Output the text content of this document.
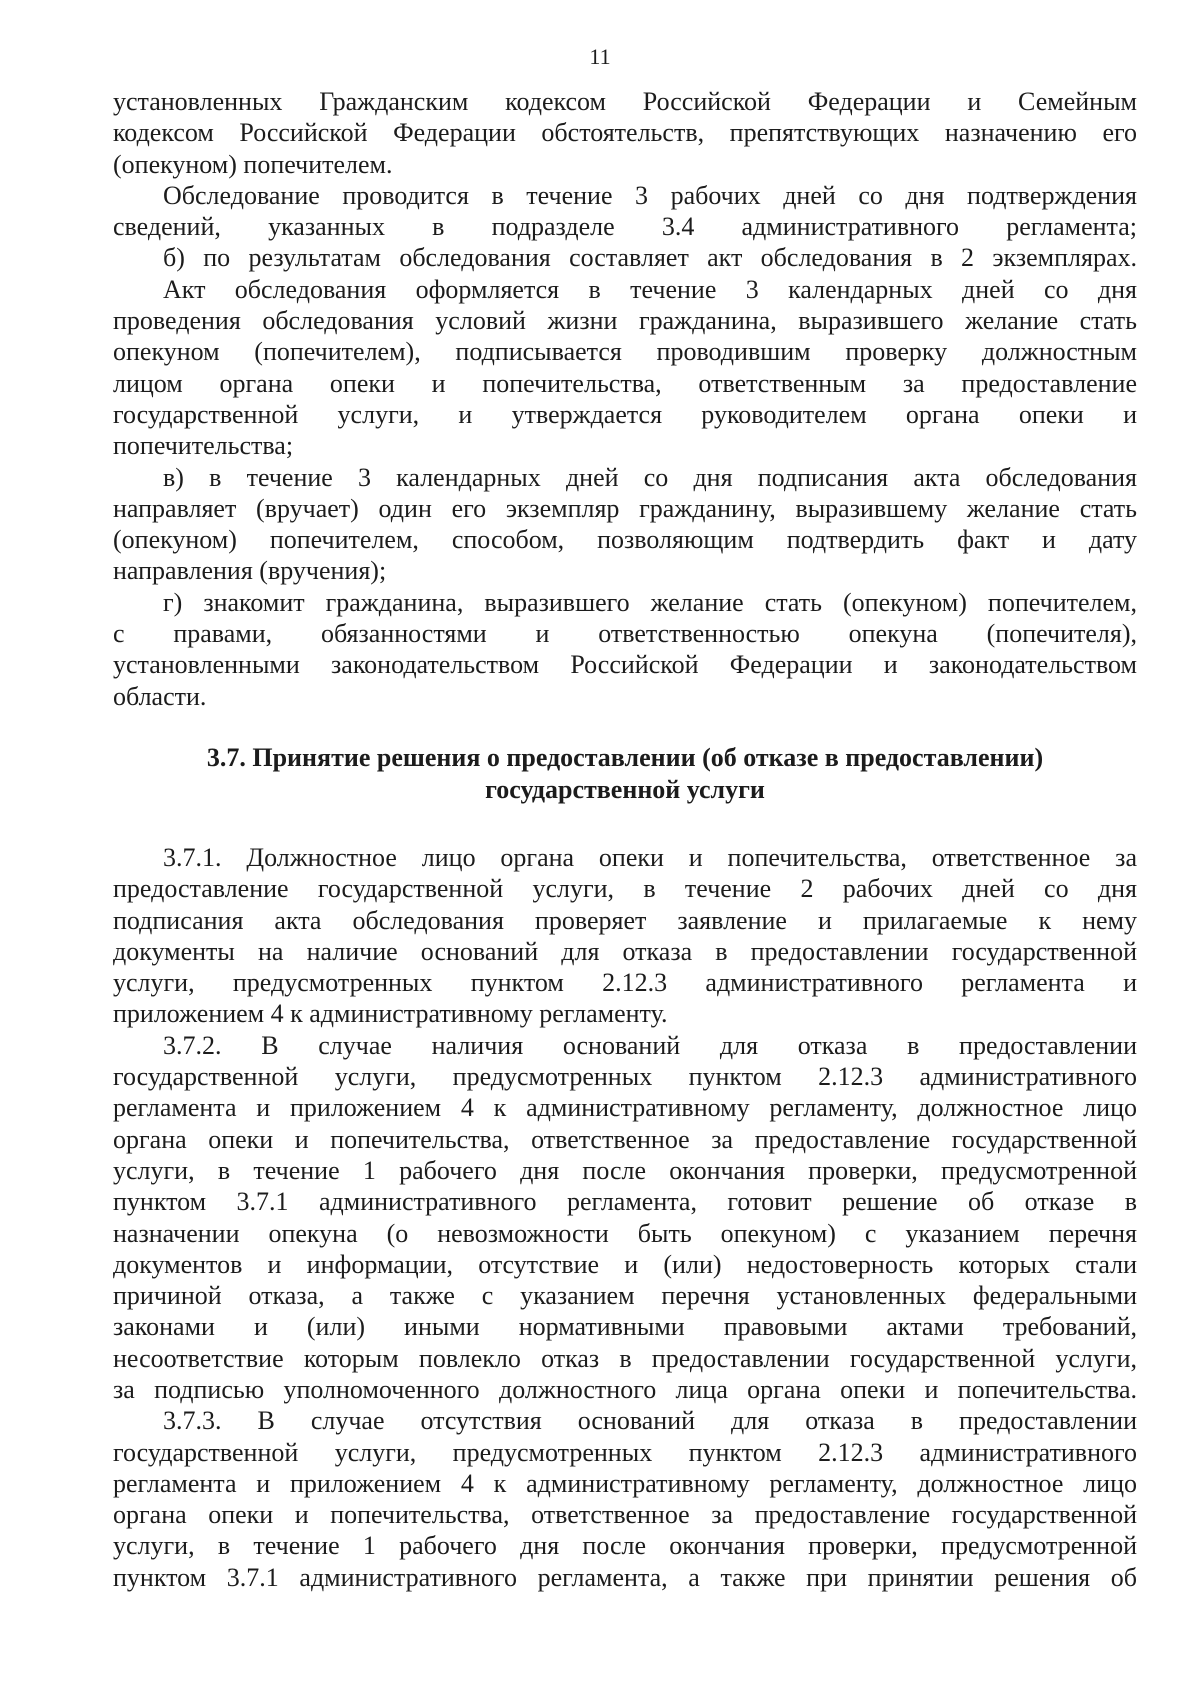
11

установленных Гражданским кодексом Российской Федерации и Семейным

кодексом Российской Федерации обстоятельств, препятствующих назначению его

(опекуном) попечителем.

Обследование проводится в течение 3 рабочих дней со дня подтверждения

сведений, указанных в подразделе 3.4 административного регламента;

б) по результатам обследования составляет акт обследования в 2 экземплярах.

Акт обследования оформляется в течение 3 календарных дней со дня

проведения обследования условий жизни гражданина, выразившего желание стать

опекуном (попечителем), подписывается проводившим проверку должностным

лицом органа опеки и попечительства, ответственным за предоставление

государственной услуги, и утверждается руководителем органа опеки и

попечительства;

в) в течение 3 календарных дней со дня подписания акта обследования

направляет (вручает) один его экземпляр гражданину, выразившему желание стать

(опекуном) попечителем, способом, позволяющим подтвердить факт и дату

направления (вручения);

г) знакомит гражданина, выразившего желание стать (опекуном) попечителем,

с правами, обязанностями и ответственностью опекуна (попечителя),

установленными законодательством Российской Федерации и законодательством

области.

3.7. Принятие решения о предоставлении (об отказе в предоставлении)
государственной услуги

3.7.1. Должностное лицо органа опеки и попечительства, ответственное за

предоставление государственной услуги, в течение 2 рабочих дней со дня

подписания акта обследования проверяет заявление и прилагаемые к нему

документы на наличие оснований для отказа в предоставлении государственной

услуги, предусмотренных пунктом 2.12.3 административного регламента и

приложением 4 к административному регламенту.

3.7.2. В случае наличия оснований для отказа в предоставлении

государственной услуги, предусмотренных пунктом 2.12.3 административного

регламента и приложением 4 к административному регламенту, должностное лицо

органа опеки и попечительства, ответственное за предоставление государственной

услуги, в течение 1 рабочего дня после окончания проверки, предусмотренной

пунктом 3.7.1 административного регламента, готовит решение об отказе в

назначении опекуна (о невозможности быть опекуном) с указанием перечня

документов и информации, отсутствие и (или) недостоверность которых стали

причиной отказа, а также с указанием перечня установленных федеральными

законами и (или) иными нормативными правовыми актами требований,

несоответствие которым повлекло отказ в предоставлении государственной услуги,

за подписью уполномоченного должностного лица органа опеки и попечительства.

3.7.3. В случае отсутствия оснований для отказа в предоставлении

государственной услуги, предусмотренных пунктом 2.12.3 административного

регламента и приложением 4 к административному регламенту, должностное лицо

органа опеки и попечительства, ответственное за предоставление государственной

услуги, в течение 1 рабочего дня после окончания проверки, предусмотренной

пунктом 3.7.1 административного регламента, а также при принятии решения об
